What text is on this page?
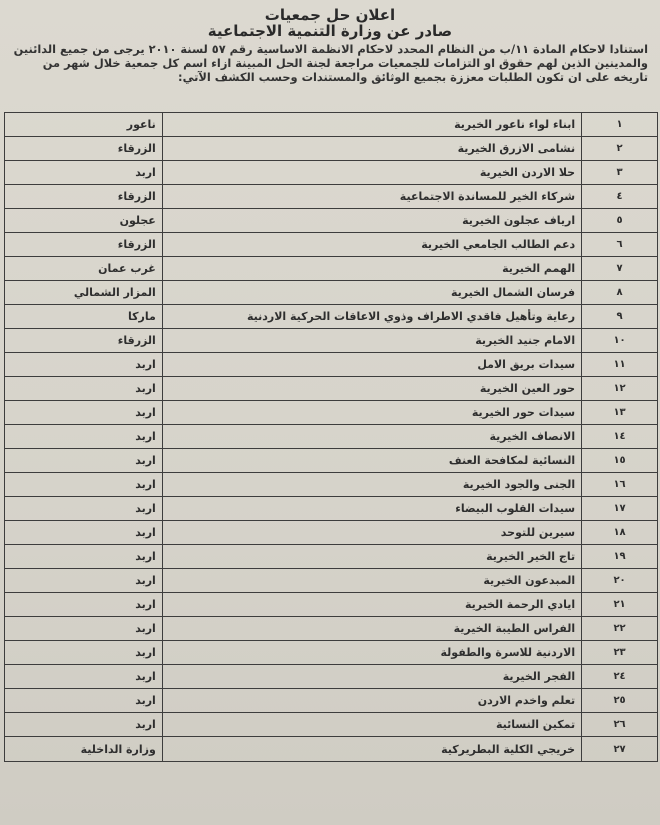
اعلان حل جمعيات
صادر عن وزارة التنمية الاجتماعية
استنادا لاحكام المادة ١١/ب من النظام المحدد لاحكام الانظمة الاساسية رقم ٥٧ لسنة ٢٠١٠ يرجى من جميع الدائنين والمدينين الذين لهم حقوق او التزامات للجمعيات مراجعة لجنة الحل المبينة ازاء اسم كل جمعية خلال شهر من تاريخه على ان تكون الطلبات معززة بجميع الوثائق والمستندات وحسب الكشف الآتي:
١	ابناء لواء ناعور الخيرية	ناعور
٢	نشامى الازرق الخيرية	الزرقاء
٣	حلا الاردن الخيرية	اربد
٤	شركاء الخير للمساندة الاجتماعية	الزرقاء
٥	ارياف عجلون الخيرية	عجلون
٦	دعم الطالب الجامعي الخيرية	الزرقاء
٧	الهمم الخيرية	غرب عمان
٨	فرسان الشمال الخيرية	المزار الشمالي
٩	رعاية وتأهيل فاقدي الاطراف وذوي الاعاقات الحركية الاردنية	ماركا
١٠	الامام جنيد الخيرية	الزرقاء
١١	سيدات بريق الامل	اربد
١٢	حور العين الخيرية	اربد
١٣	سيدات حور الخيرية	اربد
١٤	الانصاف الخيرية	اربد
١٥	النسائية لمكافحة العنف	اربد
١٦	الجنى والجود الخيرية	اربد
١٧	سيدات القلوب البيضاء	اربد
١٨	سيرين للتوحد	اربد
١٩	تاج الخير الخيرية	اربد
٢٠	المبدعون الخيرية	اربد
٢١	ايادي الرحمة الخيرية	اربد
٢٢	الفراس الطيبة الخيرية	اربد
٢٣	الاردنية للاسرة والطفولة	اربد
٢٤	الفجر الخيرية	اربد
٢٥	تعلم واخدم الاردن	اربد
٢٦	تمكين النسائية	اربد
٢٧	خريجي الكلية البطريركية	وزارة الداخلية
